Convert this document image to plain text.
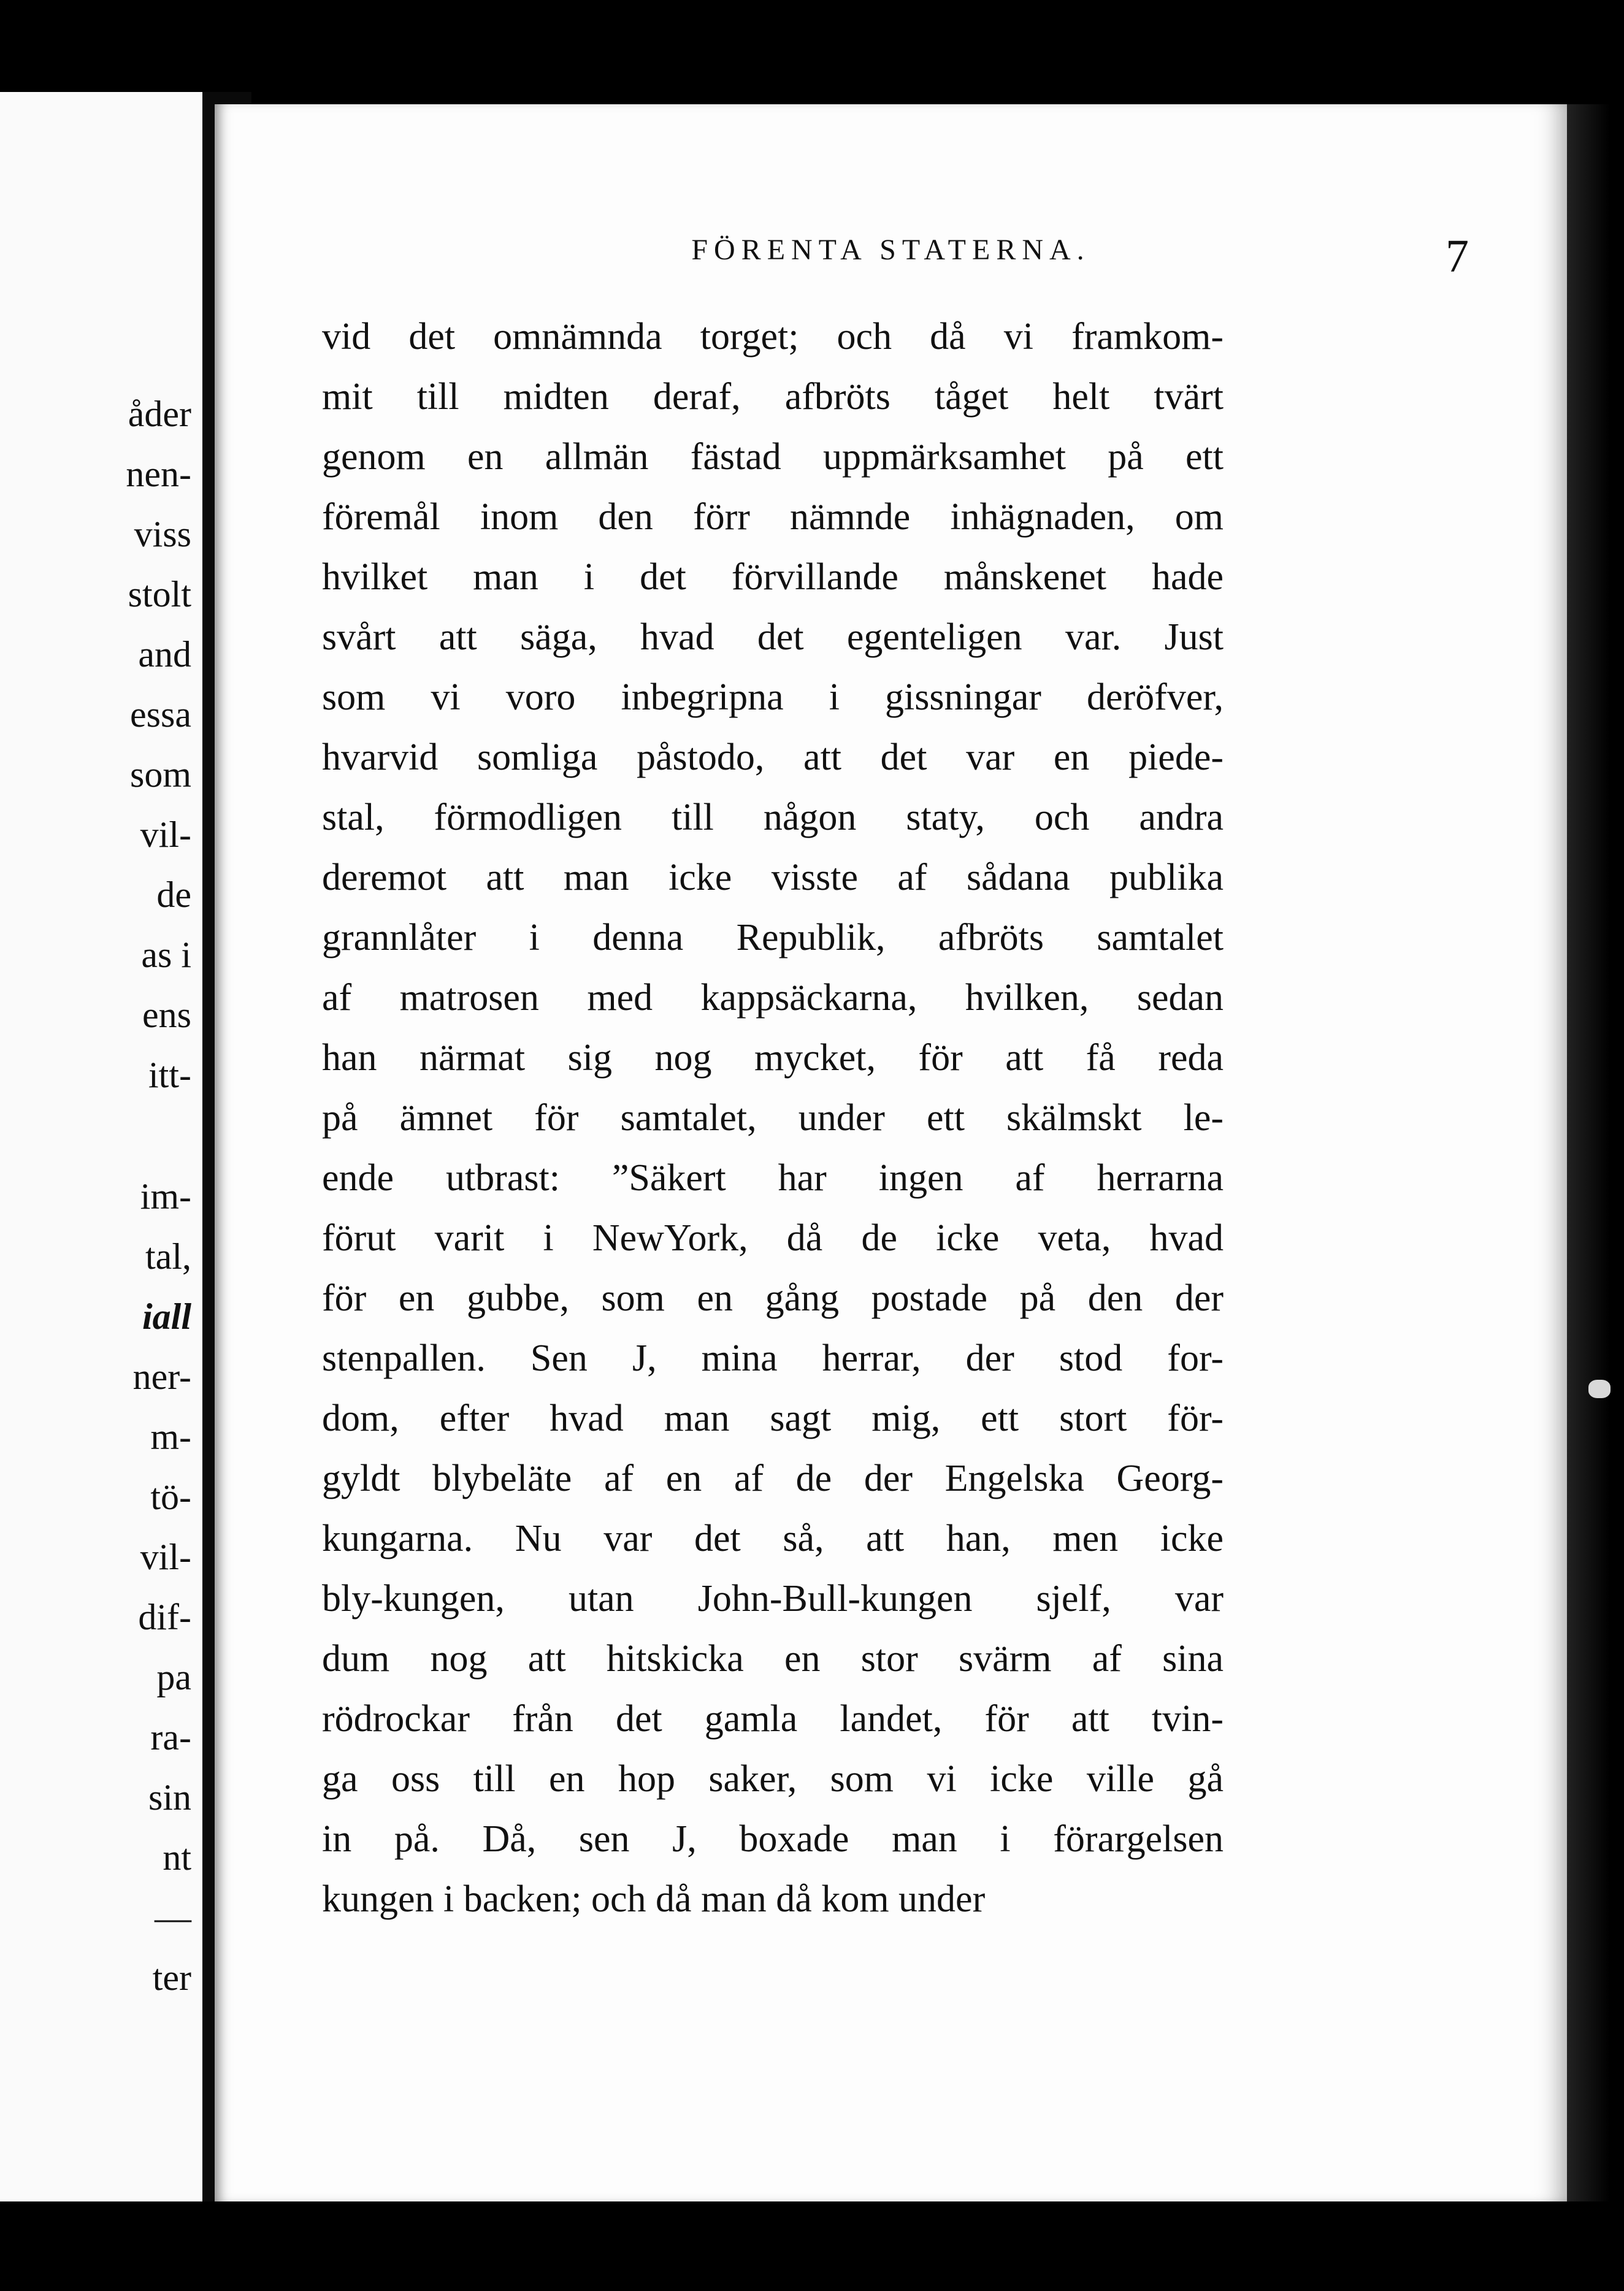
åder
nen-
viss
stolt
and
essa
som
vil-
de
as i
ens
itt-
im-
tal,
iall
ner-
m-
tö-
vil-
dif-
pa
ra-
sin
nt
—
ter
FÖRENTA STATERNA.	7
vid det omnämnda torget; och då vi framkom-
mit till midten deraf, afbröts tåget helt tvärt
genom en allmän fästad uppmärksamhet på ett
föremål inom den förr nämnde inhägnaden, om
hvilket man i det förvillande månskenet hade
svårt att säga, hvad det egenteligen var. Just
som vi voro inbegripna i gissningar deröfver,
hvarvid somliga påstodo, att det var en piede-
stal, förmodligen till någon staty, och andra
deremot att man icke visste af sådana publika
grannlåter i denna Republik, afbröts samtalet
af matrosen med kappsäckarna, hvilken, sedan
han närmat sig nog mycket, för att få reda
på ämnet för samtalet, under ett skälmskt le-
ende utbrast: ”Säkert har ingen af herrarna
förut varit i NewYork, då de icke veta, hvad
för en gubbe, som en gång postade på den der
stenpallen. Sen J, mina herrar, der stod for-
dom, efter hvad man sagt mig, ett stort för-
gyldt blybeläte af en af de der Engelska Georg-
kungarna. Nu var det så, att han, men icke
bly-kungen, utan John-Bull-kungen sjelf, var
dum nog att hitskicka en stor svärm af sina
rödrockar från det gamla landet, för att tvin-
ga oss till en hop saker, som vi icke ville gå
in på. Då, sen J, boxade man i förargelsen
kungen i backen; och då man då kom under
